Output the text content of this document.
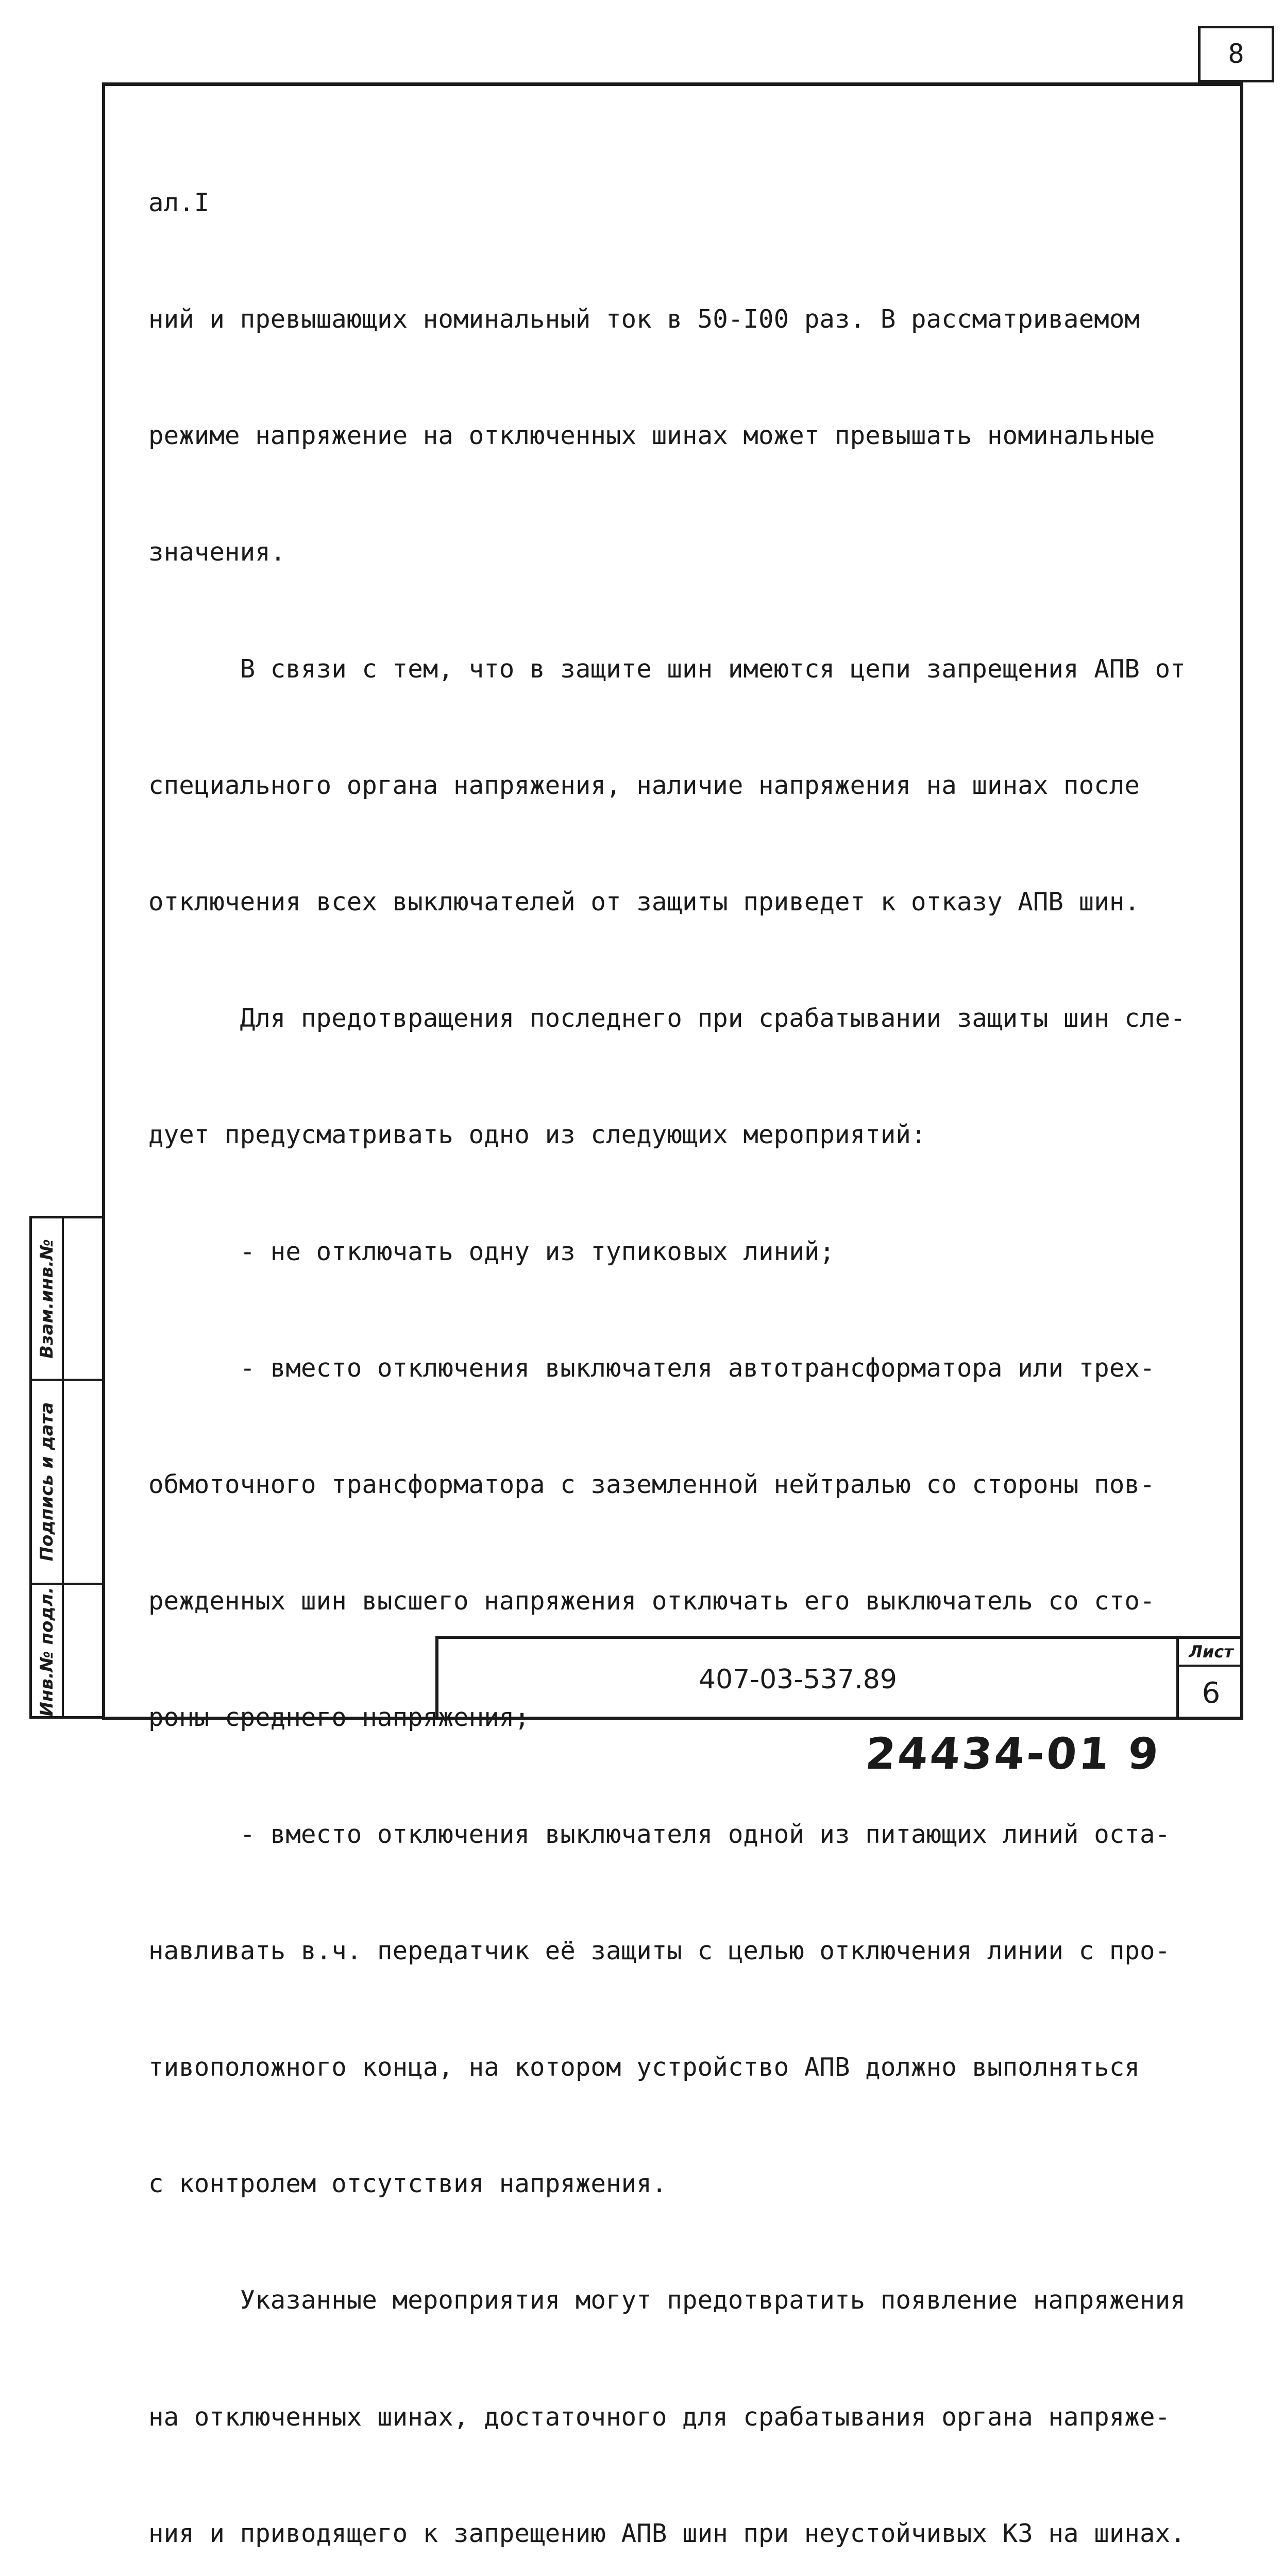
8

ал.I

ний и превышающих номинальный ток в 50-I00 раз. В рассматриваемом

режиме напряжение на отключенных шинах может превышать номинальные

значения.

В связи с тем, что в защите шин имеются цепи запрещения АПВ от

специального органа напряжения, наличие напряжения на шинах после

отключения всех выключателей от защиты приведет к отказу АПВ шин.

Для предотвращения последнего при срабатывании защиты шин сле-

дует предусматривать одно из следующих мероприятий:

- не отключать одну из тупиковых линий;

- вместо отключения выключателя автотрансформатора или трех-

обмоточного трансформатора с заземленной нейтралью со стороны пов-

режденных шин высшего напряжения отключать его выключатель со сто-

роны среднего напряжения;

- вместо отключения выключателя одной из питающих линий оста-

навливать в.ч. передатчик её защиты с целью отключения линии с про-

тивоположного конца, на котором устройство АПВ должно выполняться

с контролем отсутствия напряжения.

Указанные мероприятия могут предотвратить появление напряжения

на отключенных шинах, достаточного для срабатывания органа напряже-

ния и приводящего к запрещению АПВ шин при неустойчивых КЗ на шинах.

Взам.инв.№
Подпись и дата
Инв.№ подл.	407-03-537.89
Лист
6
24434-01 9
